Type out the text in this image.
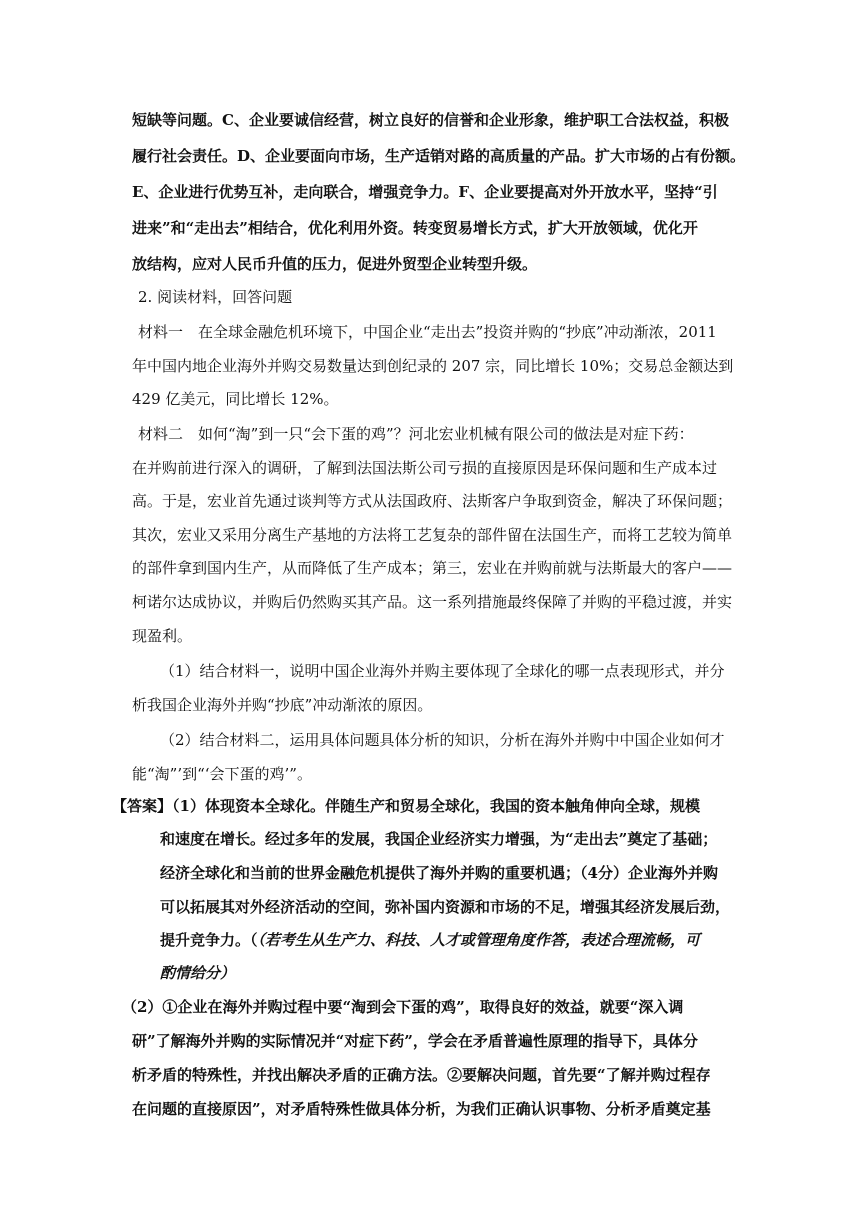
短缺等问题。C、企业要诚信经营，树立良好的信誉和企业形象，维护职工合法权益，积极
履行社会责任。D、企业要面向市场，生产适销对路的高质量的产品。扩大市场的占有份额。
E、企业进行优势互补，走向联合，增强竞争力。F、企业要提高对外开放水平，坚持“引
进来”和“走出去”相结合，优化利用外资。转变贸易增长方式，扩大开放领域，优化开
放结构，应对人民币升值的压力，促进外贸型企业转型升级。
2. 阅读材料，回答问题
材料一　在全球金融危机环境下，中国企业“走出去”投资并购的“抄底”冲动渐浓，2011
年中国内地企业海外并购交易数量达到创纪录的 207 宗，同比增长 10%；交易总金额达到
429 亿美元，同比增长 12%。
材料二　如何“淘”到一只“会下蛋的鸡”？河北宏业机械有限公司的做法是对症下药：
在并购前进行深入的调研，了解到法国法斯公司亏损的直接原因是环保问题和生产成本过
高。于是，宏业首先通过谈判等方式从法国政府、法斯客户争取到资金，解决了环保问题；
其次，宏业又采用分离生产基地的方法将工艺复杂的部件留在法国生产，而将工艺较为简单
的部件拿到国内生产，从而降低了生产成本；第三，宏业在并购前就与法斯最大的客户——
柯诺尔达成协议，并购后仍然购买其产品。这一系列措施最终保障了并购的平稳过渡，并实
现盈利。
（1）结合材料一，说明中国企业海外并购主要体现了全球化的哪一点表现形式，并分
析我国企业海外并购“抄底”冲动渐浓的原因。
（2）结合材料二，运用具体问题具体分析的知识，分析在海外并购中中国企业如何才
能“淘”’到“‘会下蛋的鸡’”。
【答案】（1）体现资本全球化。伴随生产和贸易全球化，我国的资本触角伸向全球，规模
和速度在增长。经过多年的发展，我国企业经济实力增强，为“走出去”奠定了基础；
经济全球化和当前的世界金融危机提供了海外并购的重要机遇；（4分）企业海外并购
可以拓展其对外经济活动的空间，弥补国内资源和市场的不足，增强其经济发展后劲，
提升竞争力。（（若考生从生产力、科技、人才或管理角度作答，表述合理流畅，可
酌情给分）
（2）①企业在海外并购过程中要“淘到会下蛋的鸡”，取得良好的效益，就要“深入调
研”了解海外并购的实际情况并“对症下药”，学会在矛盾普遍性原理的指导下，具体分
析矛盾的特殊性，并找出解决矛盾的正确方法。②要解决问题，首先要“了解并购过程存
在问题的直接原因”，对矛盾特殊性做具体分析，为我们正确认识事物、分析矛盾奠定基
